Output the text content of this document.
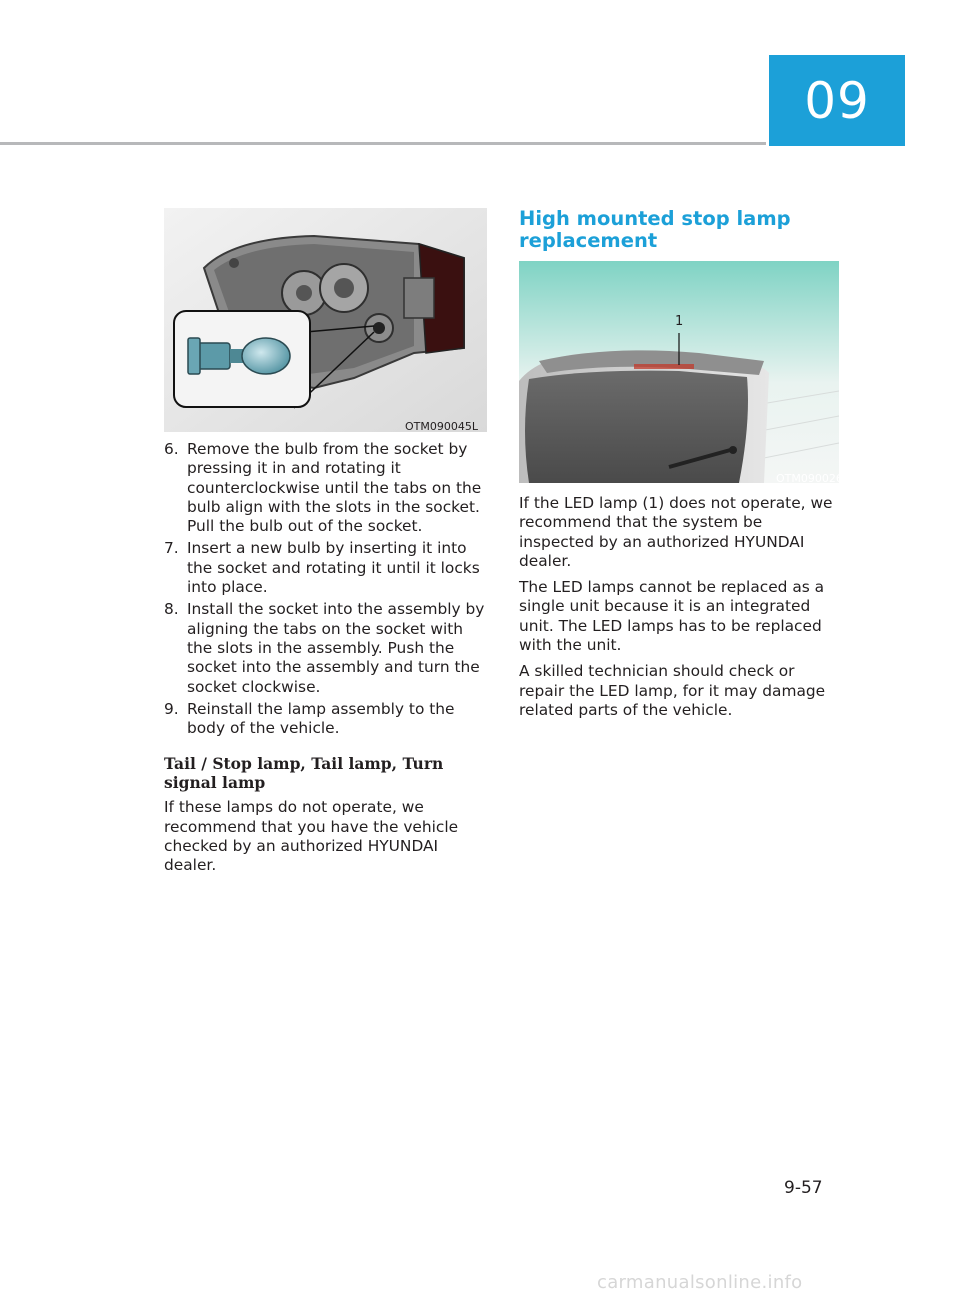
09
OTM090045L
6. Remove the bulb from the socket by pressing it in and rotating it counterclockwise until the tabs on the bulb align with the slots in the socket. Pull the bulb out of the socket.
7. Insert a new bulb by inserting it into the socket and rotating it until it locks into place.
8. Install the socket into the assembly by aligning the tabs on the socket with the slots in the assembly. Push the socket into the assembly and turn the socket clockwise.
9. Reinstall the lamp assembly to the body of the vehicle.
Tail / Stop lamp, Tail lamp, Turn signal lamp
If these lamps do not operate, we recommend that you have the vehicle checked by an authorized HYUNDAI dealer.
High mounted stop lamp replacement
1
OTM090026
If the LED lamp (1) does not operate, we recommend that the system be inspected by an authorized HYUNDAI dealer.
The LED lamps cannot be replaced as a single unit because it is an integrated unit. The LED lamps has to be replaced with the unit.
A skilled technician should check or repair the LED lamp, for it may damage related parts of the vehicle.
9-57
carmanualsonline.info
